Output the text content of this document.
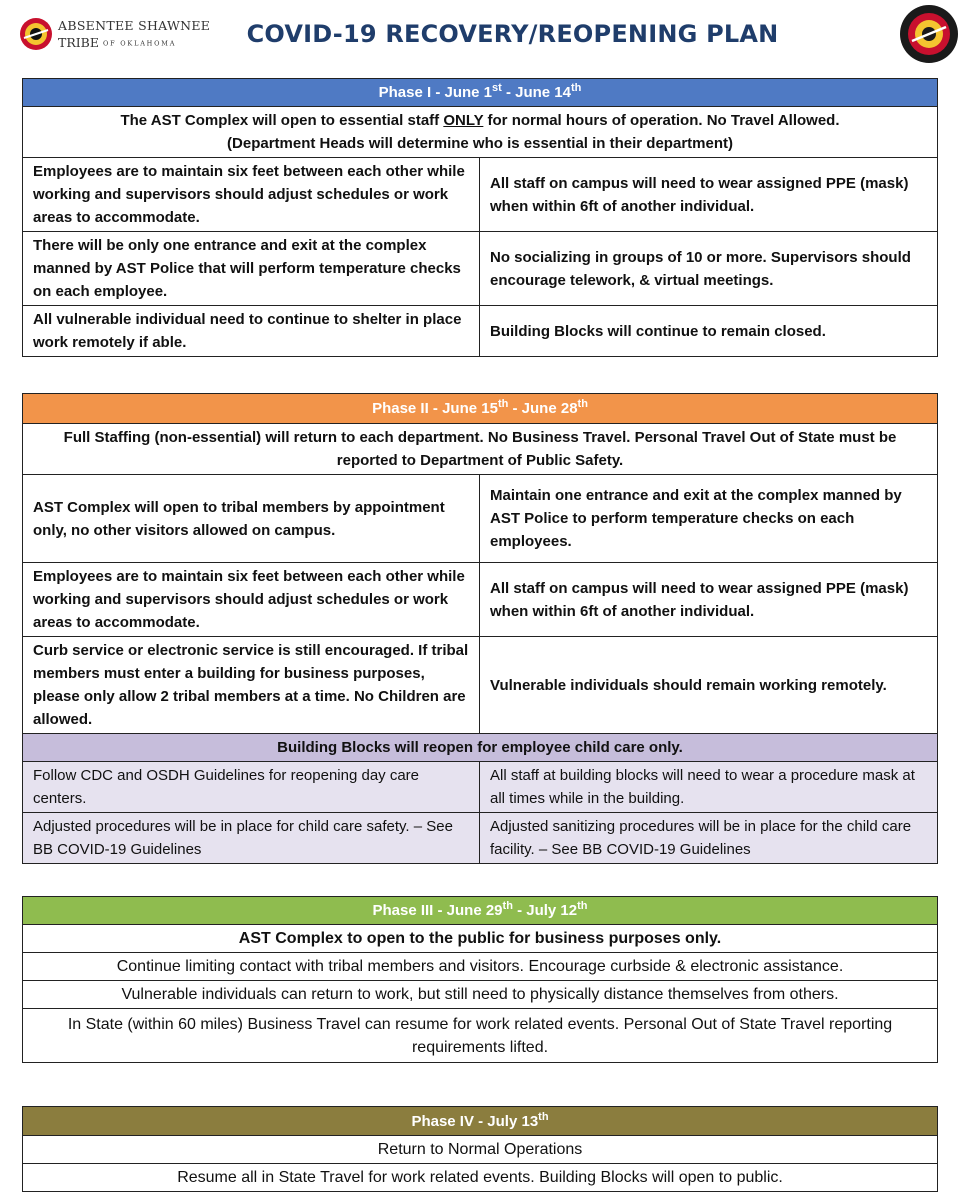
ABSENTEE SHAWNEE
TRIBE OF OKLAHOMA	COVID-19 RECOVERY/REOPENING PLAN
Phase I - June 1st - June 14th
The AST Complex will open to essential staff ONLY for normal hours of operation. No Travel Allowed.
(Department Heads will determine who is essential in their department)	
Employees are to maintain six feet between each other while working and supervisors should adjust schedules or work areas to accommodate.	All staff on campus will need to wear assigned PPE (mask) when within 6ft of another individual.
There will be only one entrance and exit at the complex manned by AST Police that will perform temperature checks on each employee.	No socializing in groups of 10 or more. Supervisors should encourage telework, & virtual meetings.
All vulnerable individual need to continue to shelter in place work remotely if able.	Building Blocks will continue to remain closed.
Phase II - June 15th - June 28th
Full Staffing (non-essential) will return to each department. No Business Travel. Personal Travel Out of State must be reported to Department of Public Safety.	
AST Complex will open to tribal members by appointment only, no other visitors allowed on campus.	Maintain one entrance and exit at the complex manned by AST Police to perform temperature checks on each employees.
Employees are to maintain six feet between each other while working and supervisors should adjust schedules or work areas to accommodate.	All staff on campus will need to wear assigned PPE (mask) when within 6ft of another individual.
Curb service or electronic service is still encouraged. If tribal members must enter a building for business purposes, please only allow 2 tribal members at a time. No Children are allowed.	Vulnerable individuals should remain working remotely.
Building Blocks will reopen for employee child care only.	
Follow CDC and OSDH Guidelines for reopening day care centers.	All staff at building blocks will need to wear a procedure mask at all times while in the building.
Adjusted procedures will be in place for child care safety. – See BB COVID-19 Guidelines	Adjusted sanitizing procedures will be in place for the child care facility. – See BB COVID-19 Guidelines
Phase III - June 29th - July 12th
AST Complex to open to the public for business purposes only.
Continue limiting contact with tribal members and visitors. Encourage curbside & electronic assistance.
Vulnerable individuals can return to work, but still need to physically distance themselves from others.
In State (within 60 miles) Business Travel can resume for work related events. Personal Out of State Travel reporting requirements lifted.
Phase IV - July 13th
Return to Normal Operations
Resume all in State Travel for work related events. Building Blocks will open to public.
